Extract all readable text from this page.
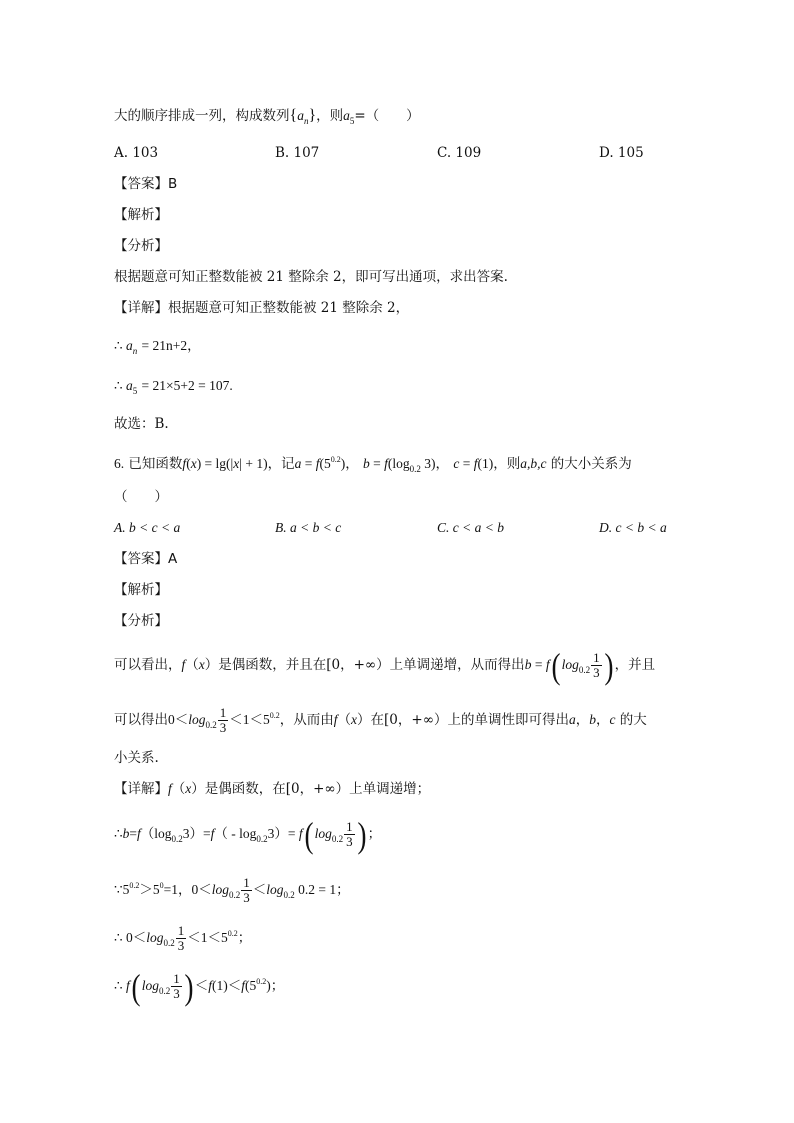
大的顺序排成一列，构成数列$\{a_n\}$，则$a_5=$（　　）
A. 103	B. 107	C. 109	D. 105
【答案】B
【解析】
【分析】
根据题意可知正整数能被 21 整除余 2，即可写出通项，求出答案.
【详解】根据题意可知正整数能被 21 整除余 2，
∴ $a_n = 21n+2$，
∴ $a_5 = 21\times 5+2 = 107$.
故选：B.
6. 已知函数f(x) = lg(|x| + 1)，记$a = f(5^{0.2})$， $b = f(\log_{0.2}$ 3)， c = f(1)，则a,b,c 的大小关系为
（　　）
A. b < c < a	B. a < b < c	C. c < a < b	D. c < b < a
【答案】A
【解析】
【分析】
可以看出，f（x）是偶函数，并且在[0，+∞）上单调递增，从而得出b = f( $\log_{0.2} \frac{1}{3}$ ) ，并且
可以得出$0<\log_{0.2} \frac{1}{3} <1<5^{0.2}$，从而由f（x）在[0，+∞）上的单调性即可得出a，b，c 的大
小关系.
【详解】f（x）是偶函数，在[0，+∞）上单调递增；
$\therefore b=f(\log_{0.2}3)=f( - \log_{0.2}3)= f$( $\log_{0.2} \frac{1}{3}$ ) ；
$\because 5^{0.2}>5^0=1$，$0<\log_{0.2} \frac{1}{3} <\log_{0.2}$ 0.2 = 1；
∴ $0<\log_{0.2} \frac{1}{3} <1<5^{0.2}$；
∴ f( $\log_{0.2} \frac{1}{3}$ ) $<f(1)<f(5^{0.2})$；
